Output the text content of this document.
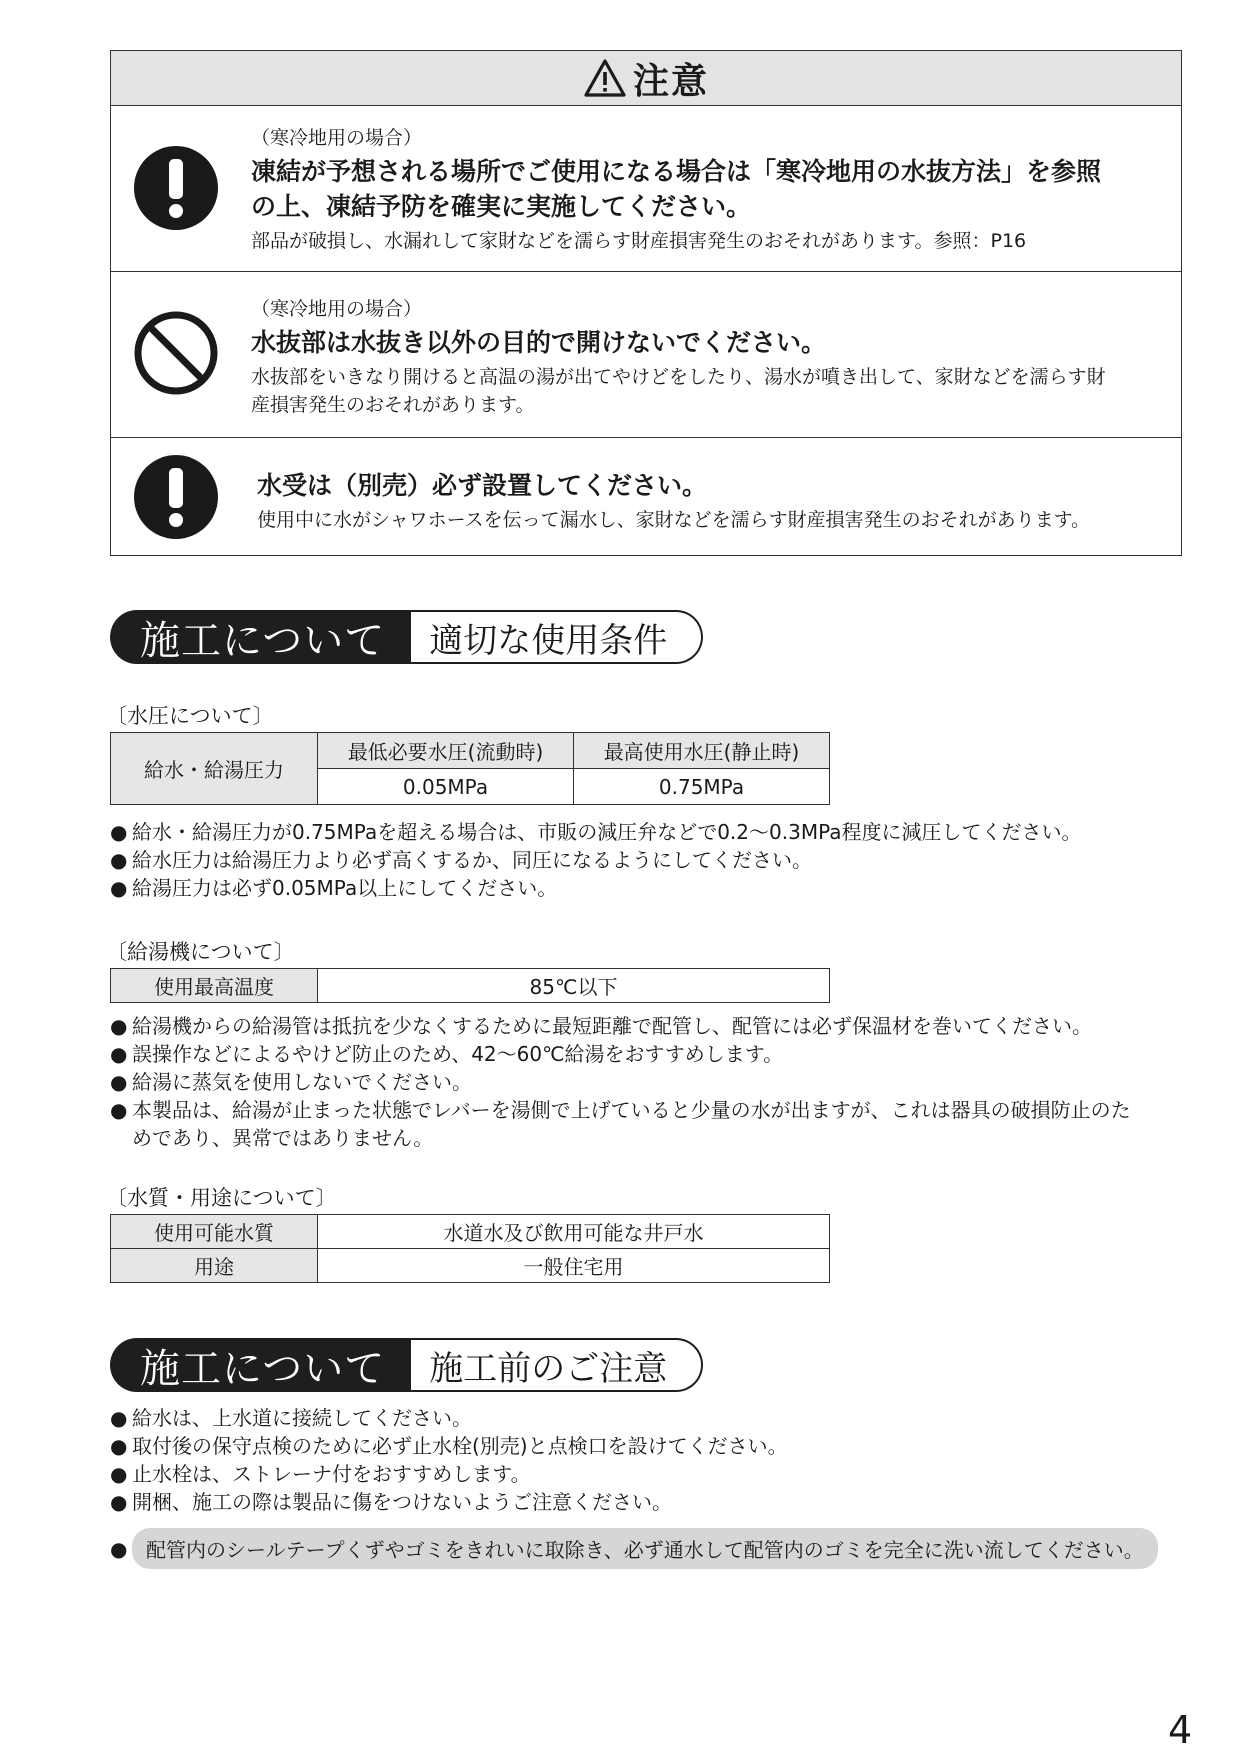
注意
（寒冷地用の場合）
凍結が予想される場所でご使用になる場合は「寒冷地用の水抜方法」を参照の上、凍結予防を確実に実施してください。
部品が破損し、水漏れして家財などを濡らす財産損害発生のおそれがあります。参照：P16
（寒冷地用の場合）
水抜部は水抜き以外の目的で開けないでください。
水抜部をいきなり開けると高温の湯が出てやけどをしたり、湯水が噴き出して、家財などを濡らす財産損害発生のおそれがあります。
水受は（別売）必ず設置してください。
使用中に水がシャワホースを伝って漏水し、家財などを濡らす財産損害発生のおそれがあります。
施工について	適切な使用条件
〔水圧について〕
給水・給湯圧力	最低必要水圧(流動時)	最高使用水圧(静止時)
	0.05MPa	0.75MPa
● 給水・給湯圧力が0.75MPaを超える場合は、市販の減圧弁などで0.2～0.3MPa程度に減圧してください。
● 給水圧力は給湯圧力より必ず高くするか、同圧になるようにしてください。
● 給湯圧力は必ず0.05MPa以上にしてください。
〔給湯機について〕
使用最高温度	85℃以下
● 給湯機からの給湯管は抵抗を少なくするために最短距離で配管し、配管には必ず保温材を巻いてください。
● 誤操作などによるやけど防止のため、42～60℃給湯をおすすめします。
● 給湯に蒸気を使用しないでください。
● 本製品は、給湯が止まった状態でレバーを湯側で上げていると少量の水が出ますが、これは器具の破損防止のためであり、異常ではありません。
〔水質・用途について〕
使用可能水質	水道水及び飲用可能な井戸水
用途	一般住宅用
施工について	施工前のご注意
● 給水は、上水道に接続してください。
● 取付後の保守点検のために必ず止水栓(別売)と点検口を設けてください。
● 止水栓は、ストレーナ付をおすすめします。
● 開梱、施工の際は製品に傷をつけないようご注意ください。
● 配管内のシールテープくずやゴミをきれいに取除き、必ず通水して配管内のゴミを完全に洗い流してください。
4
